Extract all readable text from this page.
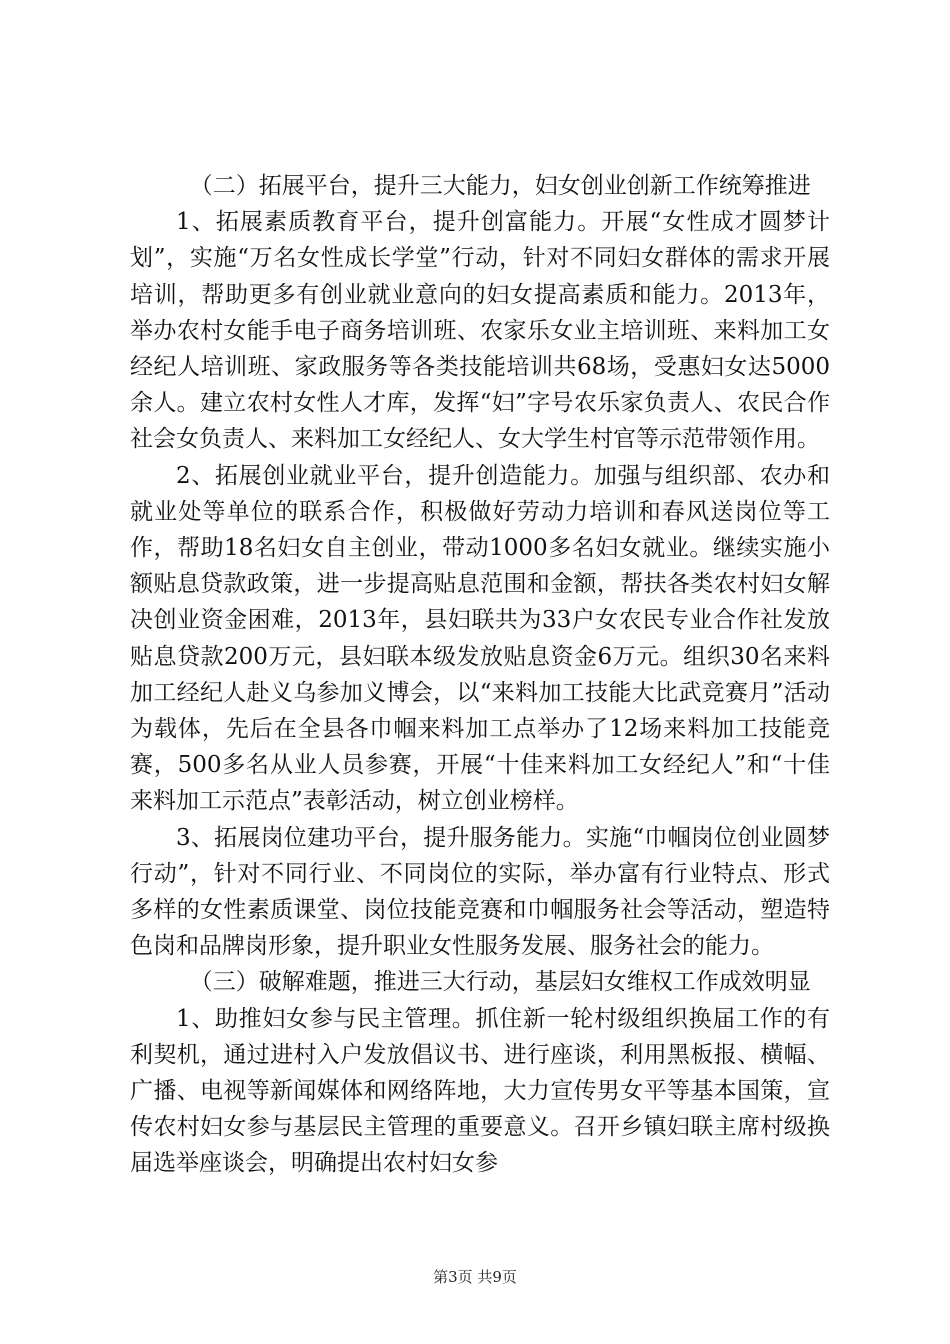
（二）拓展平台，提升三大能力，妇女创业创新工作统筹推进

1、拓展素质教育平台，提升创富能力。开展“女性成才圆梦计划”，实施“万名女性成长学堂”行动，针对不同妇女群体的需求开展培训，帮助更多有创业就业意向的妇女提高素质和能力。2013年，举办农村女能手电子商务培训班、农家乐女业主培训班、来料加工女经纪人培训班、家政服务等各类技能培训共68场，受惠妇女达5000余人。建立农村女性人才库，发挥“妇”字号农乐家负责人、农民合作社会女负责人、来料加工女经纪人、女大学生村官等示范带领作用。

2、拓展创业就业平台，提升创造能力。加强与组织部、农办和就业处等单位的联系合作，积极做好劳动力培训和春风送岗位等工作，帮助18名妇女自主创业，带动1000多名妇女就业。继续实施小额贴息贷款政策，进一步提高贴息范围和金额，帮扶各类农村妇女解决创业资金困难，2013年，县妇联共为33户女农民专业合作社发放贴息贷款200万元，县妇联本级发放贴息资金6万元。组织30名来料加工经纪人赴义乌参加义博会，以“来料加工技能大比武竞赛月”活动为载体，先后在全县各巾帼来料加工点举办了12场来料加工技能竞赛，500多名从业人员参赛，开展“十佳来料加工女经纪人”和“十佳来料加工示范点”表彰活动，树立创业榜样。

3、拓展岗位建功平台，提升服务能力。实施“巾帼岗位创业圆梦行动”，针对不同行业、不同岗位的实际，举办富有行业特点、形式多样的女性素质课堂、岗位技能竞赛和巾帼服务社会等活动，塑造特色岗和品牌岗形象，提升职业女性服务发展、服务社会的能力。

（三）破解难题，推进三大行动，基层妇女维权工作成效明显

1、助推妇女参与民主管理。抓住新一轮村级组织换届工作的有利契机，通过进村入户发放倡议书、进行座谈，利用黑板报、横幅、广播、电视等新闻媒体和网络阵地，大力宣传男女平等基本国策，宣传农村妇女参与基层民主管理的重要意义。召开乡镇妇联主席村级换届选举座谈会，明确提出农村妇女参

第3页 共9页
